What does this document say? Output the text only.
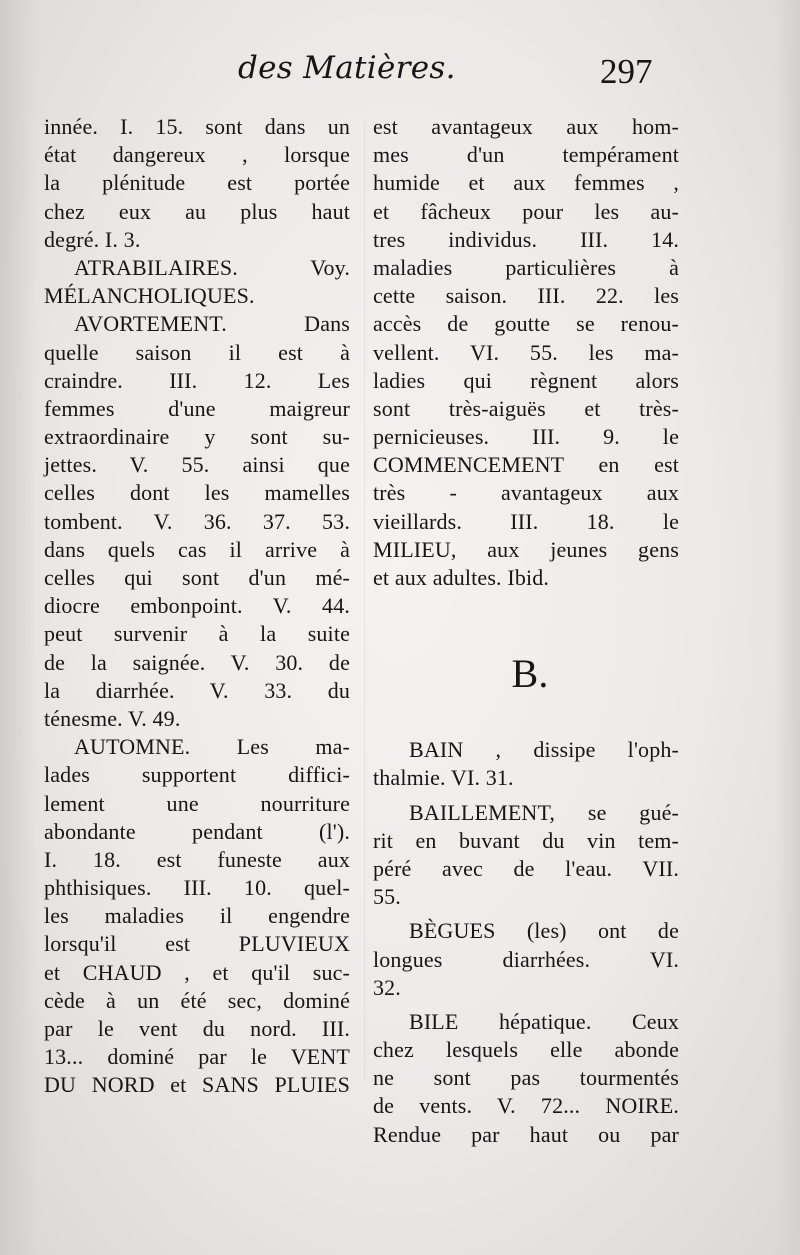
des Matières.	297
innée. I. 15. sont dans un
état dangereux , lorsque
la plénitude est portée
chez eux au plus haut
degré. I. 3.
ATRABILAIRES. Voy.
MÉLANCHOLIQUES.
AVORTEMENT. Dans
quelle saison il est à
craindre. III. 12. Les
femmes d'une maigreur
extraordinaire y sont su-
jettes. V. 55. ainsi que
celles dont les mamelles
tombent. V. 36. 37. 53.
dans quels cas il arrive à
celles qui sont d'un mé-
diocre embonpoint. V. 44.
peut survenir à la suite
de la saignée. V. 30. de
la diarrhée. V. 33. du
ténesme. V. 49.
AUTOMNE. Les ma-
lades supportent diffici-
lement une nourriture
abondante pendant (l').
I. 18. est funeste aux
phthisiques. III. 10. quel-
les maladies il engendre
lorsqu'il est PLUVIEUX
et CHAUD , et qu'il suc-
cède à un été sec, dominé
par le vent du nord. III.
13... dominé par le VENT
DU NORD et SANS PLUIES
est avantageux aux hom-
mes d'un tempérament
humide et aux femmes ,
et fâcheux pour les au-
tres individus. III. 14.
maladies particulières à
cette saison. III. 22. les
accès de goutte se renou-
vellent. VI. 55. les ma-
ladies qui règnent alors
sont très-aiguës et très-
pernicieuses. III. 9. le
COMMENCEMENT en est
très - avantageux aux
vieillards. III. 18. le
MILIEU, aux jeunes gens
et aux adultes. Ibid.
B.
BAIN , dissipe l'oph-
thalmie. VI. 31.
BAILLEMENT, se gué-
rit en buvant du vin tem-
péré avec de l'eau. VII.
55.
BÈGUES (les) ont de
longues diarrhées. VI.
32.
BILE hépatique. Ceux
chez lesquels elle abonde
ne sont pas tourmentés
de vents. V. 72... NOIRE.
Rendue par haut ou par
